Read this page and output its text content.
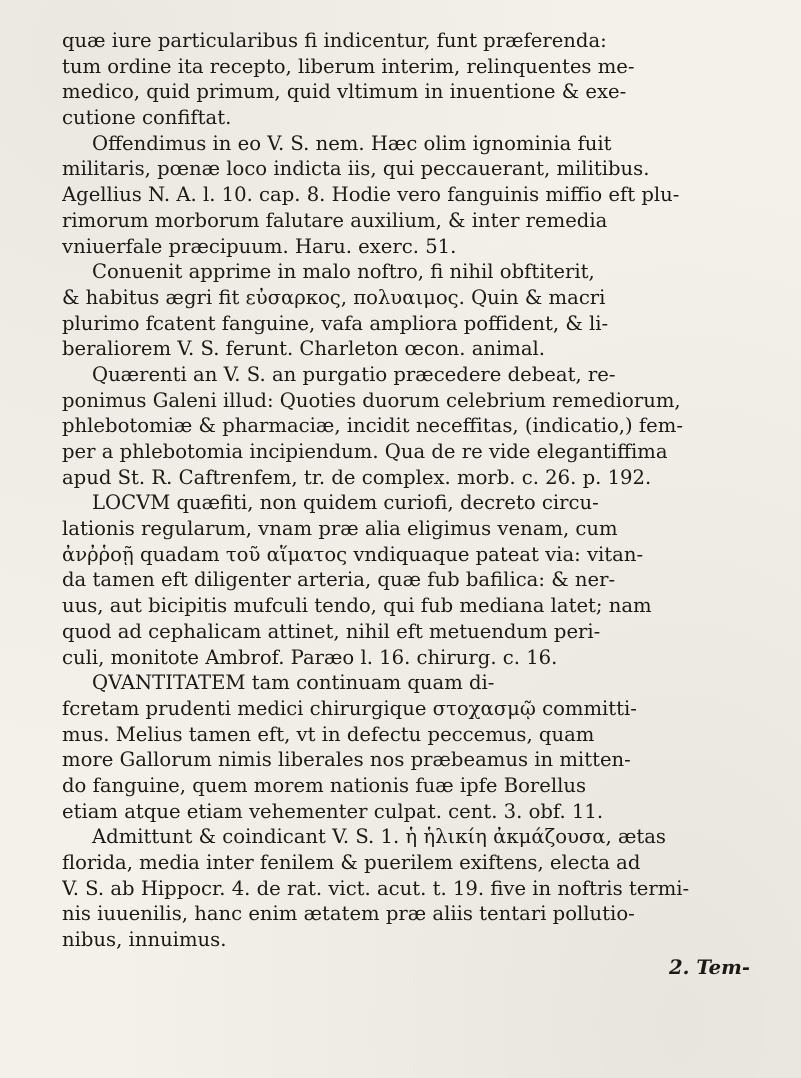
quæ iure particularibus fi indicentur, funt præferenda:
tum ordine ita recepto, liberum interim, relinquentes me-
medico, quid primum, quid vltimum in inuentione & exe-
cutione confiftat.
Offendimus in eo V. S. nem. Hæc olim ignominia fuit
militaris, pœnæ loco indicta iis, qui peccauerant, militibus.
Agellius N. A. l. 10. cap. 8. Hodie vero fanguinis miffio eft plu-
rimorum morborum falutare auxilium, & inter remedia
vniuerfale præcipuum. Haru. exerc. 51.
Conuenit apprime in malo noftro, fi nihil obftiterit,
& habitus ægri fit εὐσαρκος, πολυαιμος. Quin & macri
plurimo fcatent fanguine, vafa ampliora poffident, & li-
beraliorem V. S. ferunt. Charleton œcon. animal.
Quærenti an V. S. an purgatio præcedere debeat, re-
ponimus Galeni illud: Quoties duorum celebrium remediorum,
phlebotomiæ & pharmaciæ, incidit neceffitas, (indicatio,) fem-
per a phlebotomia incipiendum. Qua de re vide elegantiffima
apud St. R. Caftrenfem, tr. de complex. morb. c. 26. p. 192.
LOCVM quæfiti, non quidem curiofi, decreto circu-
lationis regularum, vnam præ alia eligimus venam, cum
ἀνῤῥοῇ quadam τοῦ αἵματος vndiquaque pateat via: vitan-
da tamen eft diligenter arteria, quæ fub bafilica: & ner-
uus, aut bicipitis mufculi tendo, qui fub mediana latet; nam
quod ad cephalicam attinet, nihil eft metuendum peri-
culi, monitote Ambrof. Paræo l. 16. chirurg. c. 16.
QVANTITATEM tam continuam quam di-
fcretam prudenti medici chirurgique στοχασμῷ committi-
mus. Melius tamen eft, vt in defectu peccemus, quam
more Gallorum nimis liberales nos præbeamus in mitten-
do fanguine, quem morem nationis fuæ ipfe Borellus
etiam atque etiam vehementer culpat. cent. 3. obf. 11.
Admittunt & coindicant V. S. 1. ἡ ἡλικίη ἀκμάζουσα, ætas
florida, media inter fenilem & puerilem exiftens, electa ad
V. S. ab Hippocr. 4. de rat. vict. acut. t. 19. five in noftris termi-
nis iuuenilis, hanc enim ætatem præ aliis tentari pollutio-
nibus, innuimus.
2. Tem-
